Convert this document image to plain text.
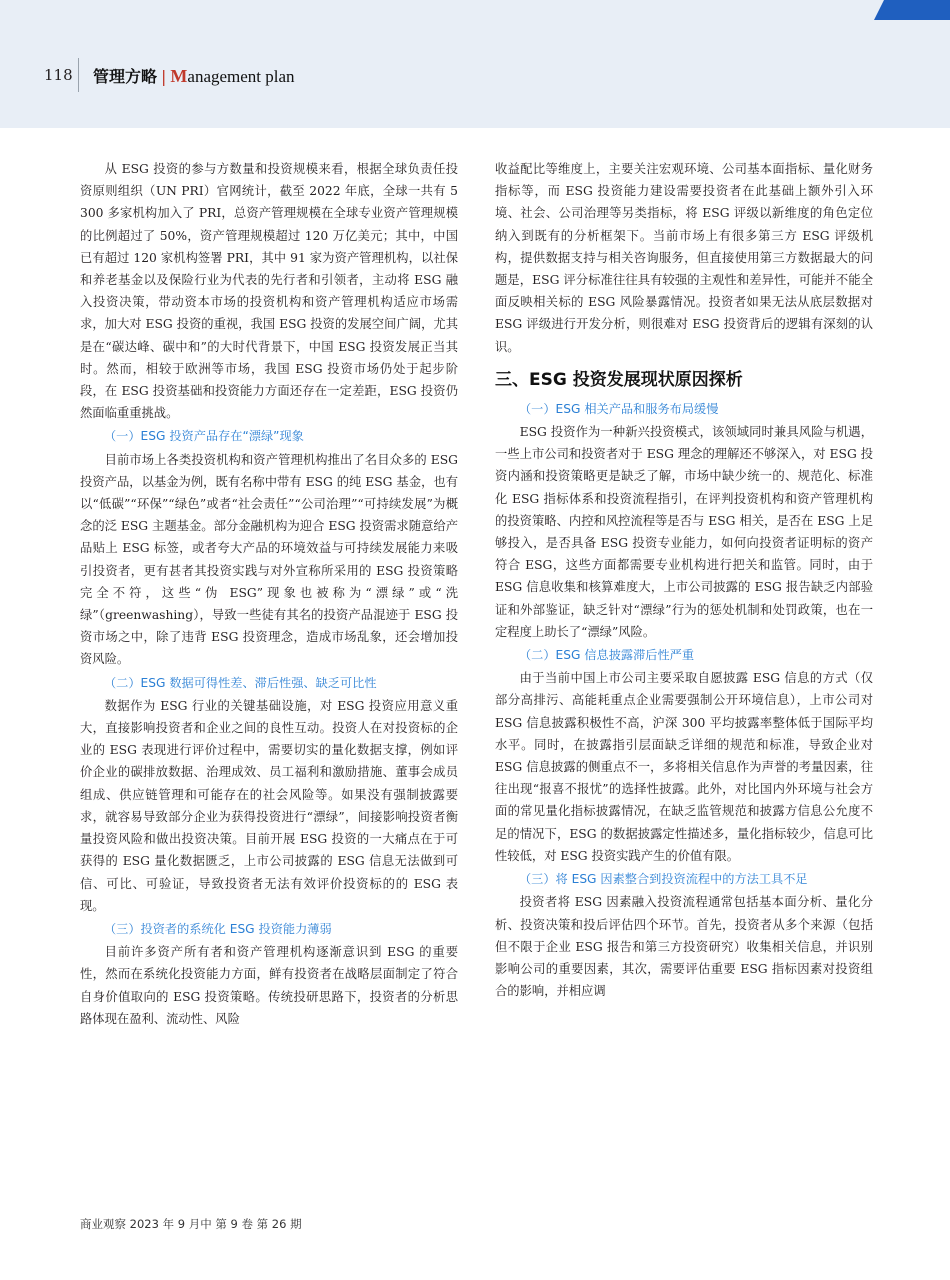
118	管理方略 | Management plan

从 ESG 投资的参与方数量和投资规模来看，根据全球负责任投资原则组织（UN PRI）官网统计，截至 2022 年底，全球一共有 5 300 多家机构加入了 PRI，总资产管理规模在全球专业资产管理规模的比例超过了 50%，资产管理规模超过 120 万亿美元；其中，中国已有超过 120 家机构签署 PRI，其中 91 家为资产管理机构，以社保和养老基金以及保险行业为代表的先行者和引领者，主动将 ESG 融入投资决策，带动资本市场的投资机构和资产管理机构适应市场需求，加大对 ESG 投资的重视，我国 ESG 投资的发展空间广阔，尤其是在“碳达峰、碳中和”的大时代背景下，中国 ESG 投资发展正当其时。然而，相较于欧洲等市场，我国 ESG 投资市场仍处于起步阶段，在 ESG 投资基础和投资能力方面还存在一定差距，ESG 投资仍然面临重重挑战。

（一）ESG 投资产品存在“漂绿”现象

目前市场上各类投资机构和资产管理机构推出了名目众多的 ESG 投资产品，以基金为例，既有名称中带有 ESG 的纯 ESG 基金，也有以“低碳”“环保”“绿色”或者“社会责任”“公司治理”“可持续发展”为概念的泛 ESG 主题基金。部分金融机构为迎合 ESG 投资需求随意给产品贴上 ESG 标签，或者夸大产品的环境效益与可持续发展能力来吸引投资者，更有甚者其投资实践与对外宣称所采用的 ESG 投资策略完全不符，这些“伪 ESG”现象也被称为“漂绿”或“洗绿”（greenwashing），导致一些徒有其名的投资产品混迹于 ESG 投资市场之中，除了违背 ESG 投资理念，造成市场乱象，还会增加投资风险。

（二）ESG 数据可得性差、滞后性强、缺乏可比性

数据作为 ESG 行业的关键基础设施，对 ESG 投资应用意义重大，直接影响投资者和企业之间的良性互动。投资人在对投资标的企业的 ESG 表现进行评价过程中，需要切实的量化数据支撑，例如评价企业的碳排放数据、治理成效、员工福利和激励措施、董事会成员组成、供应链管理和可能存在的社会风险等。如果没有强制披露要求，就容易导致部分企业为获得投资进行“漂绿”，间接影响投资者衡量投资风险和做出投资决策。目前开展 ESG 投资的一大痛点在于可获得的 ESG 量化数据匮乏，上市公司披露的 ESG 信息无法做到可信、可比、可验证，导致投资者无法有效评价投资标的的 ESG 表现。

（三）投资者的系统化 ESG 投资能力薄弱

目前许多资产所有者和资产管理机构逐渐意识到 ESG 的重要性，然而在系统化投资能力方面，鲜有投资者在战略层面制定了符合自身价值取向的 ESG 投资策略。传统投研思路下，投资者的分析思路体现在盈利、流动性、风险

收益配比等维度上，主要关注宏观环境、公司基本面指标、量化财务指标等，而 ESG 投资能力建设需要投资者在此基础上额外引入环境、社会、公司治理等另类指标，将 ESG 评级以新维度的角色定位纳入到既有的分析框架下。当前市场上有很多第三方 ESG 评级机构，提供数据支持与相关咨询服务，但直接使用第三方数据最大的问题是，ESG 评分标准往往具有较强的主观性和差异性，可能并不能全面反映相关标的 ESG 风险暴露情况。投资者如果无法从底层数据对 ESG 评级进行开发分析，则很难对 ESG 投资背后的逻辑有深刻的认识。

三、ESG 投资发展现状原因探析
（一）ESG 相关产品和服务布局缓慢

ESG 投资作为一种新兴投资模式，该领域同时兼具风险与机遇，一些上市公司和投资者对于 ESG 理念的理解还不够深入，对 ESG 投资内涵和投资策略更是缺乏了解，市场中缺少统一的、规范化、标准化 ESG 指标体系和投资流程指引，在评判投资机构和资产管理机构的投资策略、内控和风控流程等是否与 ESG 相关，是否在 ESG 上足够投入，是否具备 ESG 投资专业能力，如何向投资者证明标的资产符合 ESG，这些方面都需要专业机构进行把关和监管。同时，由于 ESG 信息收集和核算难度大，上市公司披露的 ESG 报告缺乏内部验证和外部鉴证，缺乏针对“漂绿”行为的惩处机制和处罚政策，也在一定程度上助长了“漂绿”风险。

（二）ESG 信息披露滞后性严重

由于当前中国上市公司主要采取自愿披露 ESG 信息的方式（仅部分高排污、高能耗重点企业需要强制公开环境信息），上市公司对 ESG 信息披露积极性不高，沪深 300 平均披露率整体低于国际平均水平。同时，在披露指引层面缺乏详细的规范和标准，导致企业对 ESG 信息披露的侧重点不一，多将相关信息作为声誉的考量因素，往往出现“报喜不报忧”的选择性披露。此外，对比国内外环境与社会方面的常见量化指标披露情况，在缺乏监管规范和披露方信息公允度不足的情况下，ESG 的数据披露定性描述多，量化指标较少，信息可比性较低，对 ESG 投资实践产生的价值有限。

（三）将 ESG 因素整合到投资流程中的方法工具不足

投资者将 ESG 因素融入投资流程通常包括基本面分析、量化分析、投资决策和投后评估四个环节。首先，投资者从多个来源（包括但不限于企业 ESG 报告和第三方投资研究）收集相关信息，并识别影响公司的重要因素，其次，需要评估重要 ESG 指标因素对投资组合的影响，并相应调

商业观察 2023 年 9 月中 第 9 卷 第 26 期
